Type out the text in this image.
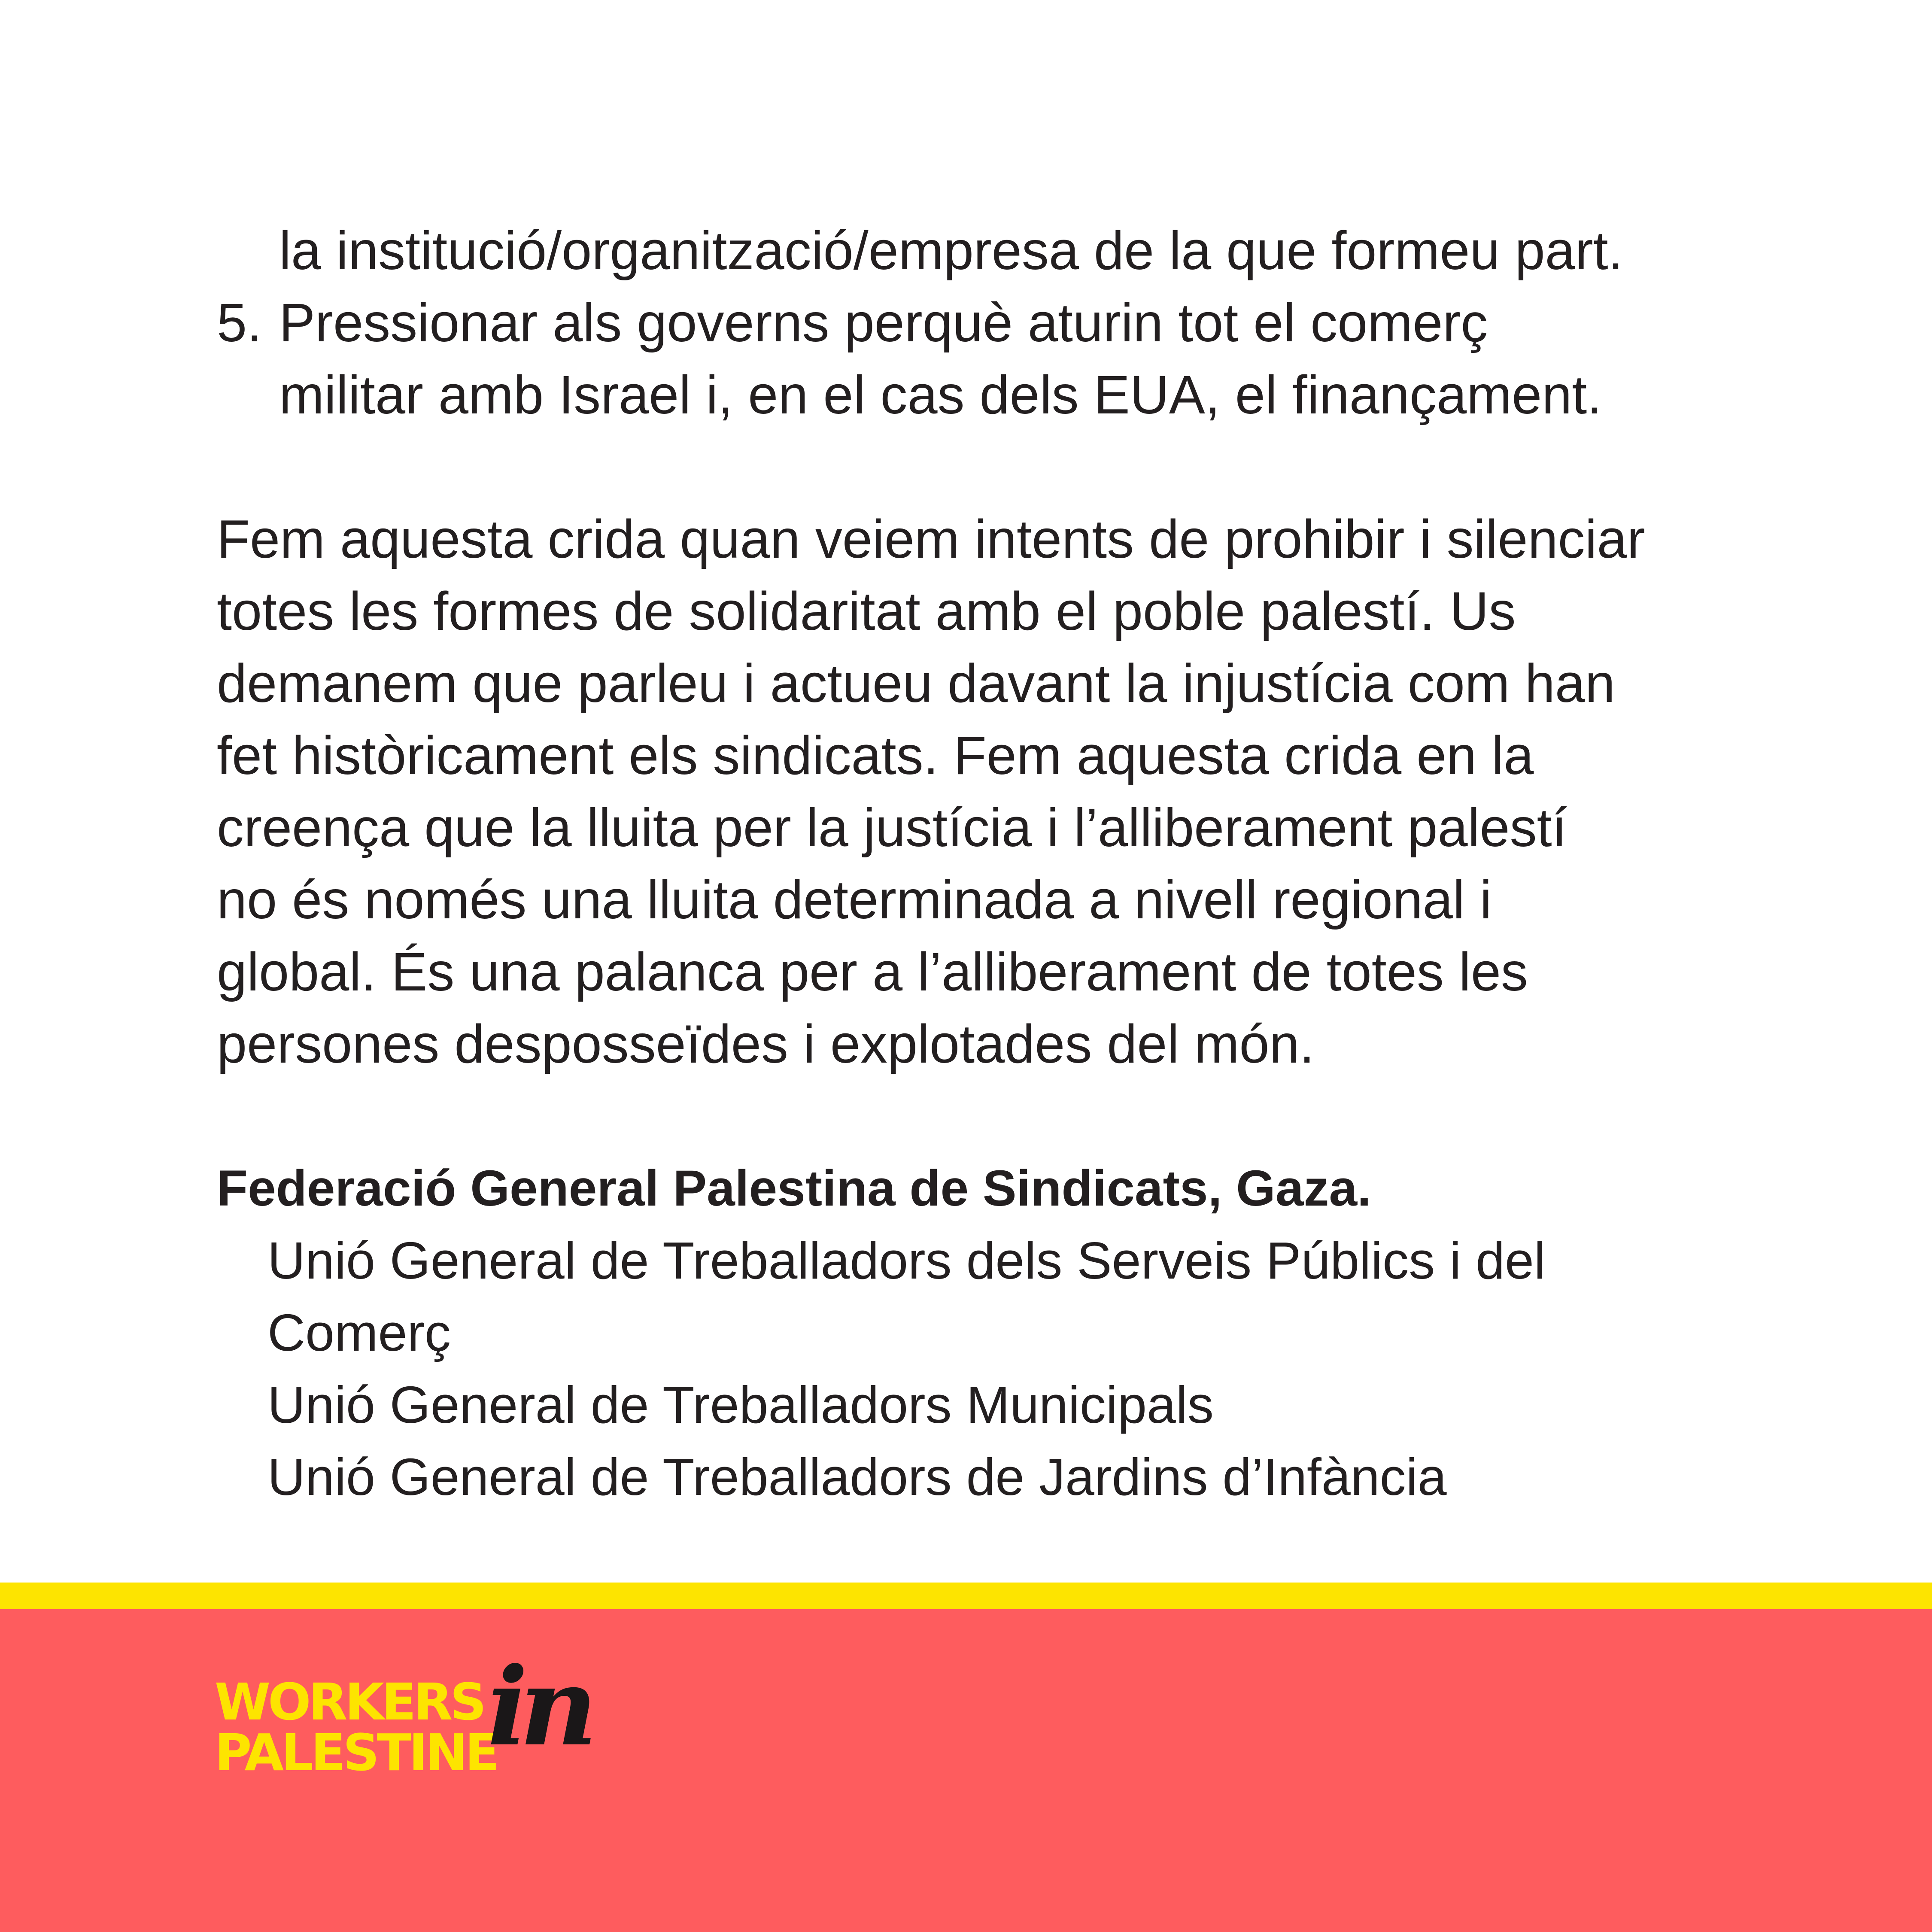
la institució/organització/empresa de la que formeu part.
5. Pressionar als governs perquè aturin tot el comerç
militar amb Israel i, en el cas dels EUA, el finançament.
Fem aquesta crida quan veiem intents de prohibir i silenciar
totes les formes de solidaritat amb el poble palestí. Us
demanem que parleu i actueu davant la injustícia com han
fet històricament els sindicats. Fem aquesta crida en la
creença que la lluita per la justícia i l’alliberament palestí
no és només una lluita determinada a nivell regional i
global. És una palanca per a l’alliberament de totes les
persones desposseïdes i explotades del món.
Federació General Palestina de Sindicats, Gaza.
Unió General de Treballadors dels Serveis Públics i del
Comerç
Unió General de Treballadors Municipals
Unió General de Treballadors de Jardins d’Infància
WORKERS
PALESTINE
in
